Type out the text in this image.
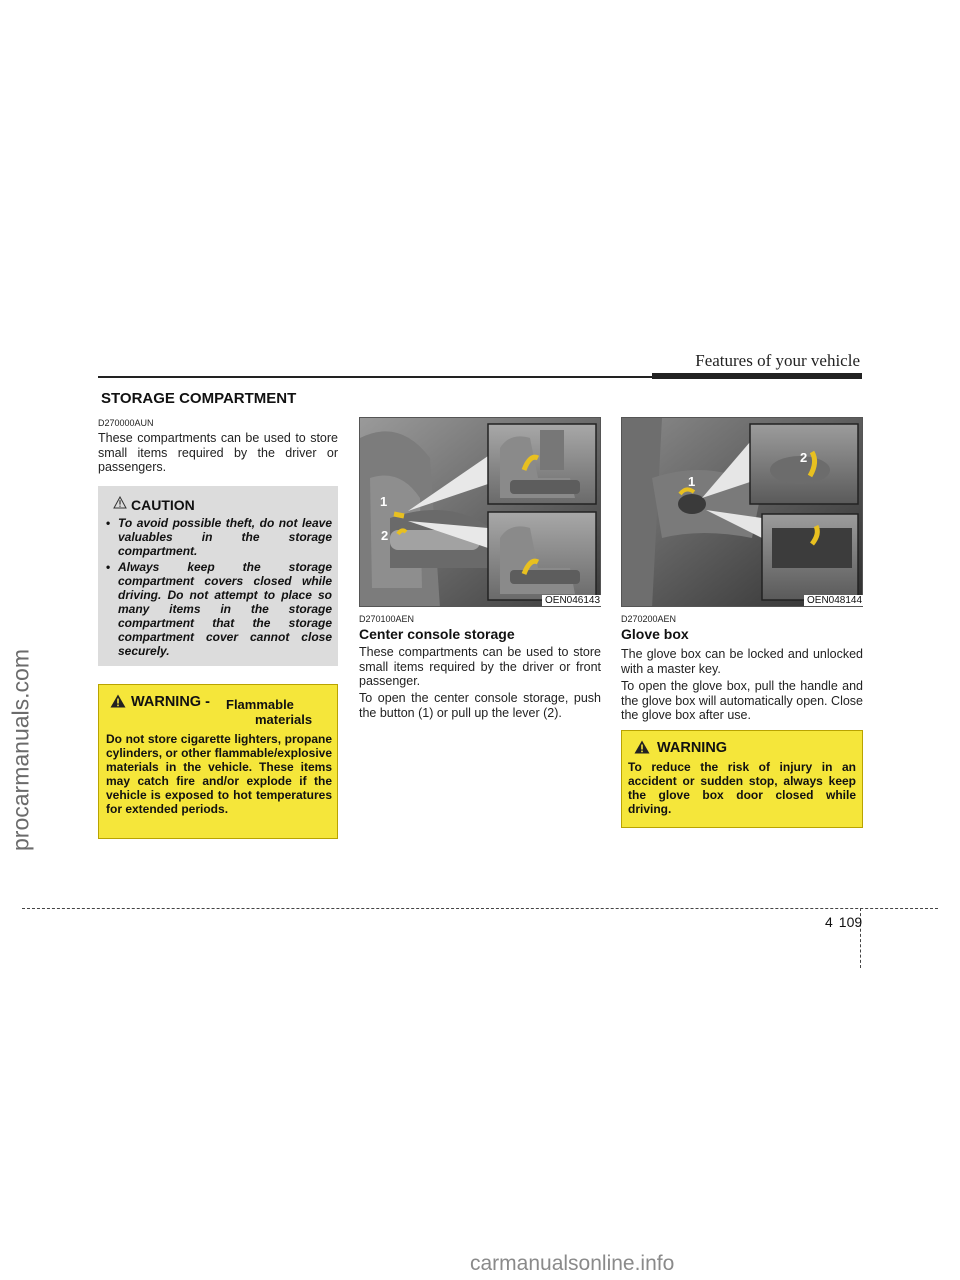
procarmanuals.com
Features of your vehicle
STORAGE COMPARTMENT
D270000AUN
These compartments can be used to store small items required by the driver or passengers.
CAUTION
• To avoid possible theft, do not leave valuables in the storage compartment.
• Always keep the storage compartment covers closed while driving. Do not attempt to place so many items in the storage compartment that the storage compartment cover cannot close securely.
WARNING - Flammable
materials
Do not store cigarette lighters, propane cylinders, or other flammable/explosive materials in the vehicle. These items may catch fire and/or explode if the vehicle is exposed to hot temperatures for extended periods.
1
2
OEN046143
D270100AEN
Center console storage
These compartments can be used to store small items required by the driver or front passenger.
To open the center console storage, push the button (1) or pull up the lever (2).
1
2
OEN048144
D270200AEN
Glove box
The glove box can be locked and unlocked with a master key.
To open the glove box, pull the handle and the glove box will automatically open. Close the glove box after use.
WARNING
To reduce the risk of injury in an accident or sudden stop, always keep the glove box door closed while driving.
4 109
carmanualsonline.info
